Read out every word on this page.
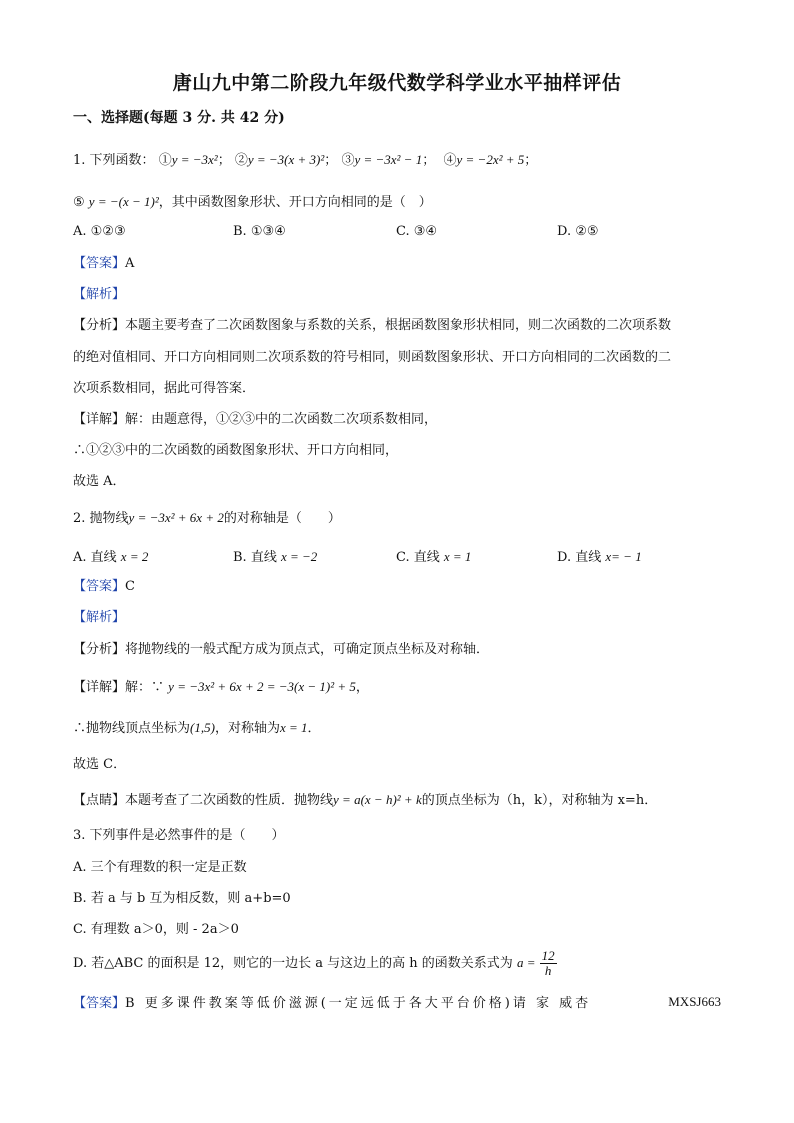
唐山九中第二阶段九年级代数学科学业水平抽样评估
一、选择题(每题 3 分. 共 42 分)
1. 下列函数： ①y = −3x²； ②y = −3(x + 3)²； ③y = −3x² − 1； ④y = −2x² + 5；
⑤ y = −(x − 1)²，其中函数图象形状、开口方向相同的是（　）
A. ①②③	B. ①③④	C. ③④	D. ②⑤
【答案】A
【解析】
【分析】本题主要考查了二次函数图象与系数的关系，根据函数图象形状相同，则二次函数的二次项系数
的绝对值相同、开口方向相同则二次项系数的符号相同，则函数图象形状、开口方向相同的二次函数的二
次项系数相同，据此可得答案．
【详解】解：由题意得，①②③中的二次函数二次项系数相同，
∴①②③中的二次函数的函数图象形状、开口方向相同，
故选 A．
2. 抛物线y = −3x² + 6x + 2的对称轴是（　　）
A. 直线 x = 2	B. 直线 x = −2	C. 直线 x = 1	D. 直线 x= − 1
【答案】C
【解析】
【分析】将抛物线的一般式配方成为顶点式，可确定顶点坐标及对称轴．
【详解】解：∵ y = −3x² + 6x + 2 = −3(x − 1)² + 5，
∴抛物线顶点坐标为(1,5)，对称轴为x = 1．
故选 C．
【点睛】本题考查了二次函数的性质．抛物线y = a(x − h)² + k的顶点坐标为（h，k），对称轴为 x=h．
3. 下列事件是必然事件的是（　　）
A. 三个有理数的积一定是正数
B. 若 a 与 b 互为相反数，则 a+b=0
C. 有理数 a＞0，则 - 2a＞0
D. 若△ABC 的面积是 12，则它的一边长 a 与这边上的高 h 的函数关系式为 $a = \frac{12}{h}$
【答案】B 更多课件教案等低价滋源(一定远低于各大平台价格)请 家 威杏	MXSJ663
